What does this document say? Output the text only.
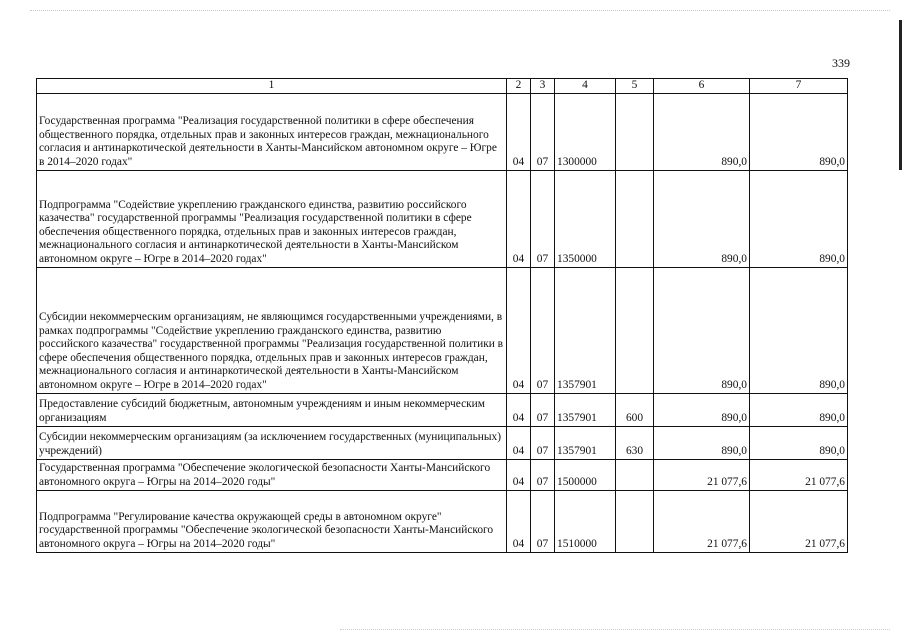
339
1	2	3	4	5	6	7
Государственная программа "Реализация государственной политики в сфере обеспечения общественного порядка, отдельных прав и законных интересов граждан, межнационального согласия и антинаркотической деятельности в Ханты-Мансийском автономном округе – Югре в 2014–2020 годах"	04	07	1300000		890,0	890,0
Подпрограмма "Содействие укреплению гражданского единства, развитию российского казачества" государственной программы "Реализация государственной политики в сфере обеспечения общественного порядка, отдельных прав и законных интересов граждан, межнационального согласия и антинаркотической деятельности в Ханты-Мансийском автономном округе – Югре в 2014–2020 годах"	04	07	1350000		890,0	890,0
Субсидии некоммерческим организациям, не являющимся государственными учреждениями, в рамках подпрограммы "Содействие укреплению гражданского единства, развитию российского казачества" государственной программы "Реализация государственной политики в сфере обеспечения общественного порядка, отдельных прав и законных интересов граждан, межнационального согласия и антинаркотической деятельности в Ханты-Мансийском автономном округе – Югре в 2014–2020 годах"	04	07	1357901		890,0	890,0
Предоставление субсидий бюджетным, автономным учреждениям и иным некоммерческим организациям	04	07	1357901	600	890,0	890,0
Субсидии некоммерческим организациям (за исключением государственных (муниципальных) учреждений)	04	07	1357901	630	890,0	890,0
Государственная программа "Обеспечение экологической безопасности Ханты-Мансийского автономного округа – Югры на 2014–2020 годы"	04	07	1500000		21 077,6	21 077,6
Подпрограмма "Регулирование качества окружающей среды в автономном округе" государственной программы "Обеспечение экологической безопасности Ханты-Мансийского автономного округа – Югры на 2014–2020 годы"	04	07	1510000		21 077,6	21 077,6
